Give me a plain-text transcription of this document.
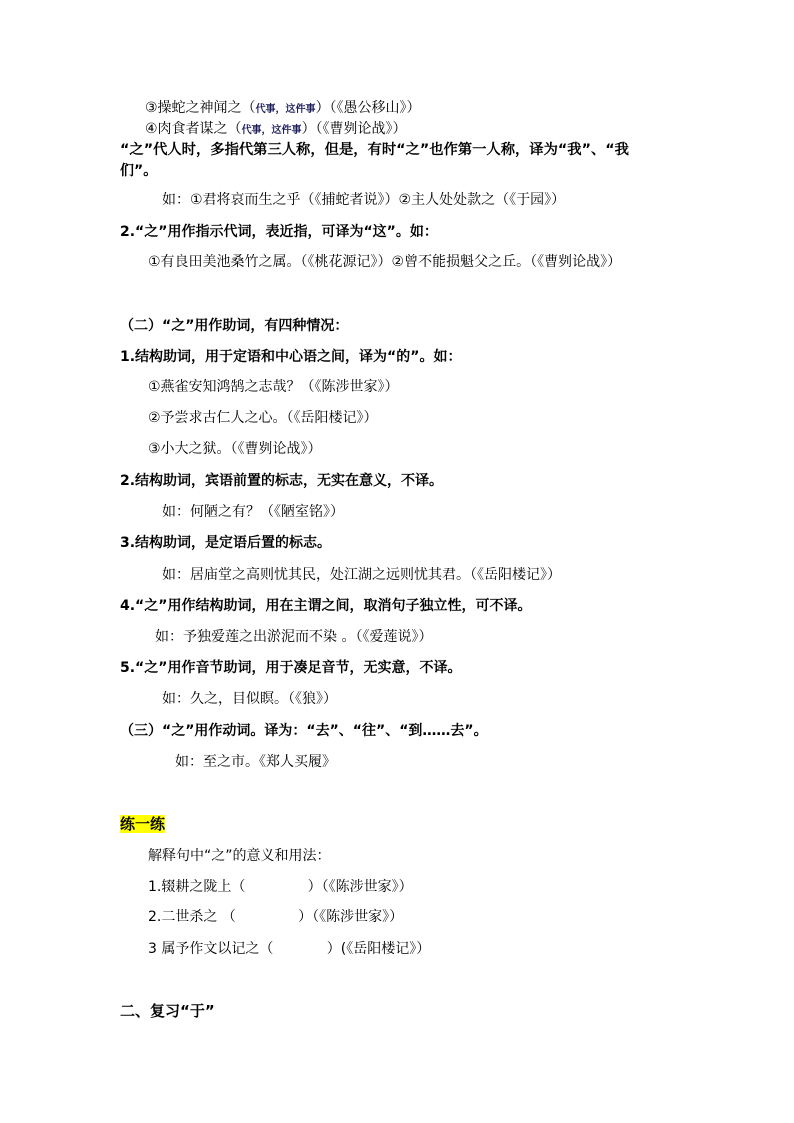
③操蛇之神闻之（代事，这件事）（《愚公移山》）
④肉食者谋之（代事，这件事）（《曹刿论战》）
“之”代人时，多指代第三人称，但是，有时“之”也作第一人称，译为“我”、“我
们”。
如：①君将哀而生之乎（《捕蛇者说》）②主人处处款之（《于园》）
2.“之”用作指示代词，表近指，可译为“这”。如：
①有良田美池桑竹之属。（《桃花源记》）②曾不能损魁父之丘。（《曹刿论战》）
（二）“之”用作助词，有四种情况：
1.结构助词，用于定语和中心语之间，译为“的”。如：
①燕雀安知鸿鹄之志哉？（《陈涉世家》）
②予尝求古仁人之心。（《岳阳楼记》）
③小大之狱。（《曹刿论战》）
2.结构助词，宾语前置的标志，无实在意义，不译。
如：何陋之有？（《陋室铭》）
3.结构助词，是定语后置的标志。
如：居庙堂之高则忧其民，处江湖之远则忧其君。（《岳阳楼记》）
4.“之”用作结构助词，用在主谓之间，取消句子独立性，可不译。
如：予独爱莲之出淤泥而不染 。（《爱莲说》）
5.“之”用作音节助词，用于凑足音节，无实意，不译。
如：久之，目似瞑。（《狼》）
（三）“之”用作动词。译为：“去”、“往”、“到……去”。
如：至之市。《郑人买履》
练一练
解释句中“之”的意义和用法：
1.辍耕之陇上（              ）（《陈涉世家》）
2.二世杀之 （              ）（《陈涉世家》）
3 属予作文以记之（            ）(《岳阳楼记》）
二、复习“于”
